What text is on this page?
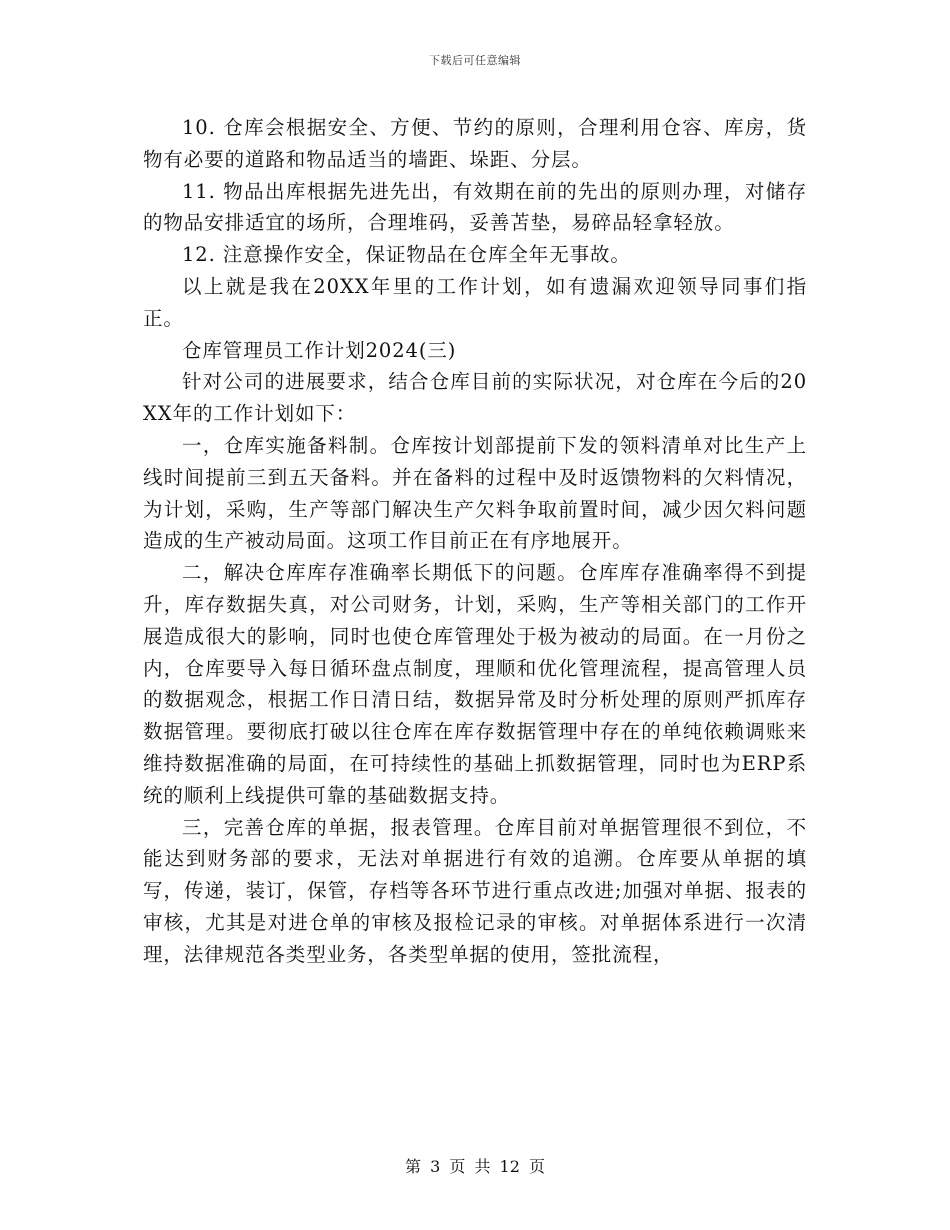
下载后可任意编辑

10. 仓库会根据安全、方便、节约的原则，合理利用仓容、库房，货物有必要的道路和物品适当的墙距、垛距、分层。

11. 物品出库根据先进先出，有效期在前的先出的原则办理，对储存的物品安排适宜的场所，合理堆码，妥善苫垫，易碎品轻拿轻放。

12. 注意操作安全，保证物品在仓库全年无事故。

以上就是我在20XX年里的工作计划，如有遗漏欢迎领导同事们指正。

仓库管理员工作计划2024(三)

针对公司的进展要求，结合仓库目前的实际状况，对仓库在今后的20XX年的工作计划如下：

一，仓库实施备料制。仓库按计划部提前下发的领料清单对比生产上线时间提前三到五天备料。并在备料的过程中及时返馈物料的欠料情况，为计划，采购，生产等部门解决生产欠料争取前置时间，减少因欠料问题造成的生产被动局面。这项工作目前正在有序地展开。

二，解决仓库库存准确率长期低下的问题。仓库库存准确率得不到提升，库存数据失真，对公司财务，计划，采购，生产等相关部门的工作开展造成很大的影响，同时也使仓库管理处于极为被动的局面。在一月份之内，仓库要导入每日循环盘点制度，理顺和优化管理流程，提高管理人员的数据观念，根据工作日清日结，数据异常及时分析处理的原则严抓库存数据管理。要彻底打破以往仓库在库存数据管理中存在的单纯依赖调账来维持数据准确的局面，在可持续性的基础上抓数据管理，同时也为ERP系统的顺利上线提供可靠的基础数据支持。

三，完善仓库的单据，报表管理。仓库目前对单据管理很不到位，不能达到财务部的要求，无法对单据进行有效的追溯。仓库要从单据的填写，传递，装订，保管，存档等各环节进行重点改进;加强对单据、报表的审核，尤其是对进仓单的审核及报检记录的审核。对单据体系进行一次清理，法律规范各类型业务，各类型单据的使用，签批流程，

第 3 页 共 12 页
